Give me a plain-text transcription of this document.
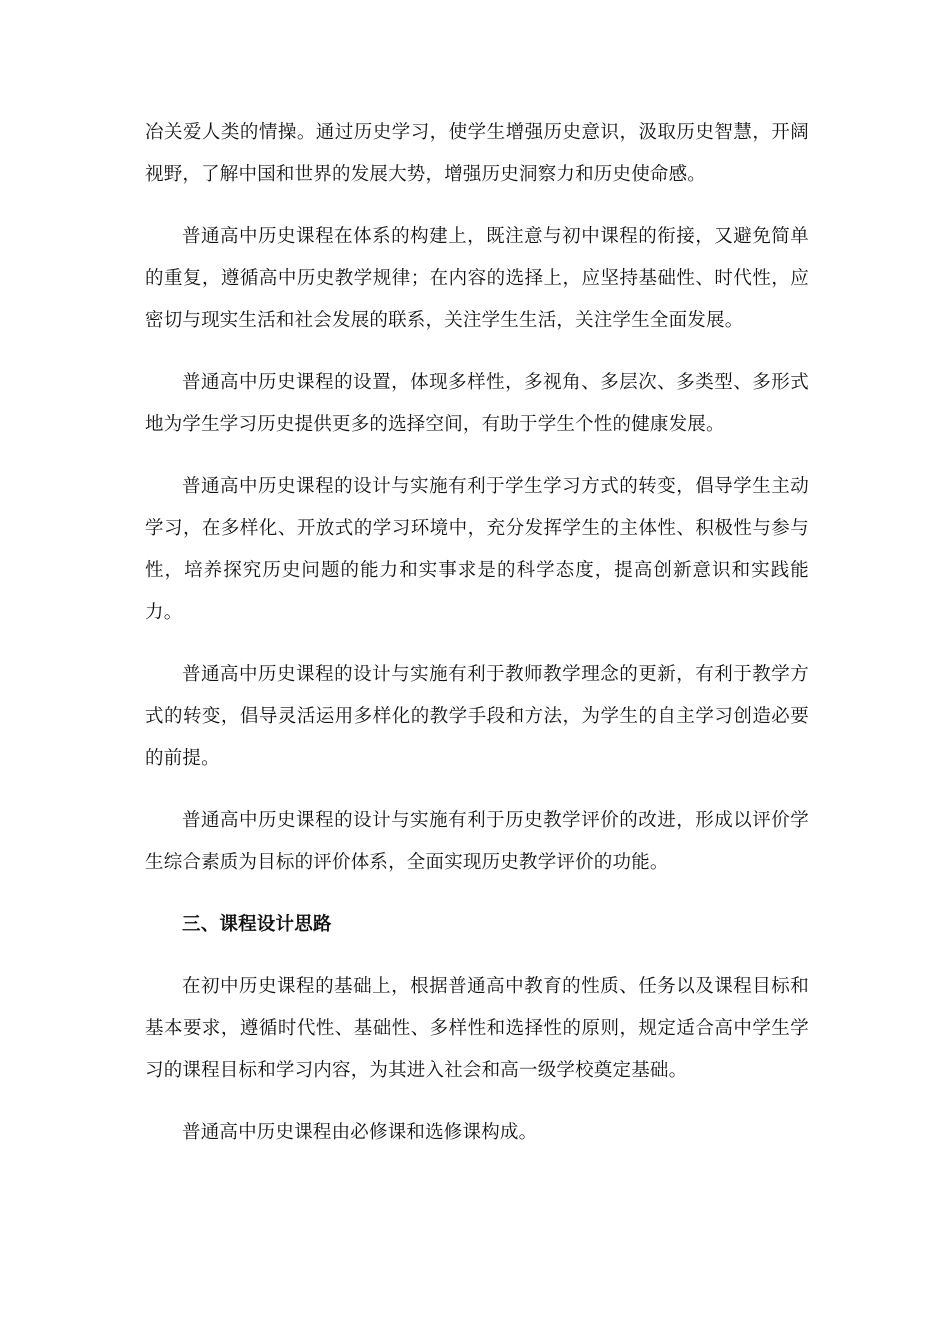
冶关爱人类的情操。通过历史学习，使学生增强历史意识，汲取历史智慧，开阔视野，了解中国和世界的发展大势，增强历史洞察力和历史使命感。

普通高中历史课程在体系的构建上，既注意与初中课程的衔接，又避免简单的重复，遵循高中历史教学规律；在内容的选择上，应坚持基础性、时代性，应密切与现实生活和社会发展的联系，关注学生生活，关注学生全面发展。

普通高中历史课程的设置，体现多样性，多视角、多层次、多类型、多形式地为学生学习历史提供更多的选择空间，有助于学生个性的健康发展。

普通高中历史课程的设计与实施有利于学生学习方式的转变，倡导学生主动学习，在多样化、开放式的学习环境中，充分发挥学生的主体性、积极性与参与性，培养探究历史问题的能力和实事求是的科学态度，提高创新意识和实践能力。

普通高中历史课程的设计与实施有利于教师教学理念的更新，有利于教学方式的转变，倡导灵活运用多样化的教学手段和方法，为学生的自主学习创造必要的前提。

普通高中历史课程的设计与实施有利于历史教学评价的改进，形成以评价学生综合素质为目标的评价体系，全面实现历史教学评价的功能。

三、课程设计思路

在初中历史课程的基础上，根据普通高中教育的性质、任务以及课程目标和基本要求，遵循时代性、基础性、多样性和选择性的原则，规定适合高中学生学习的课程目标和学习内容，为其进入社会和高一级学校奠定基础。

普通高中历史课程由必修课和选修课构成。
